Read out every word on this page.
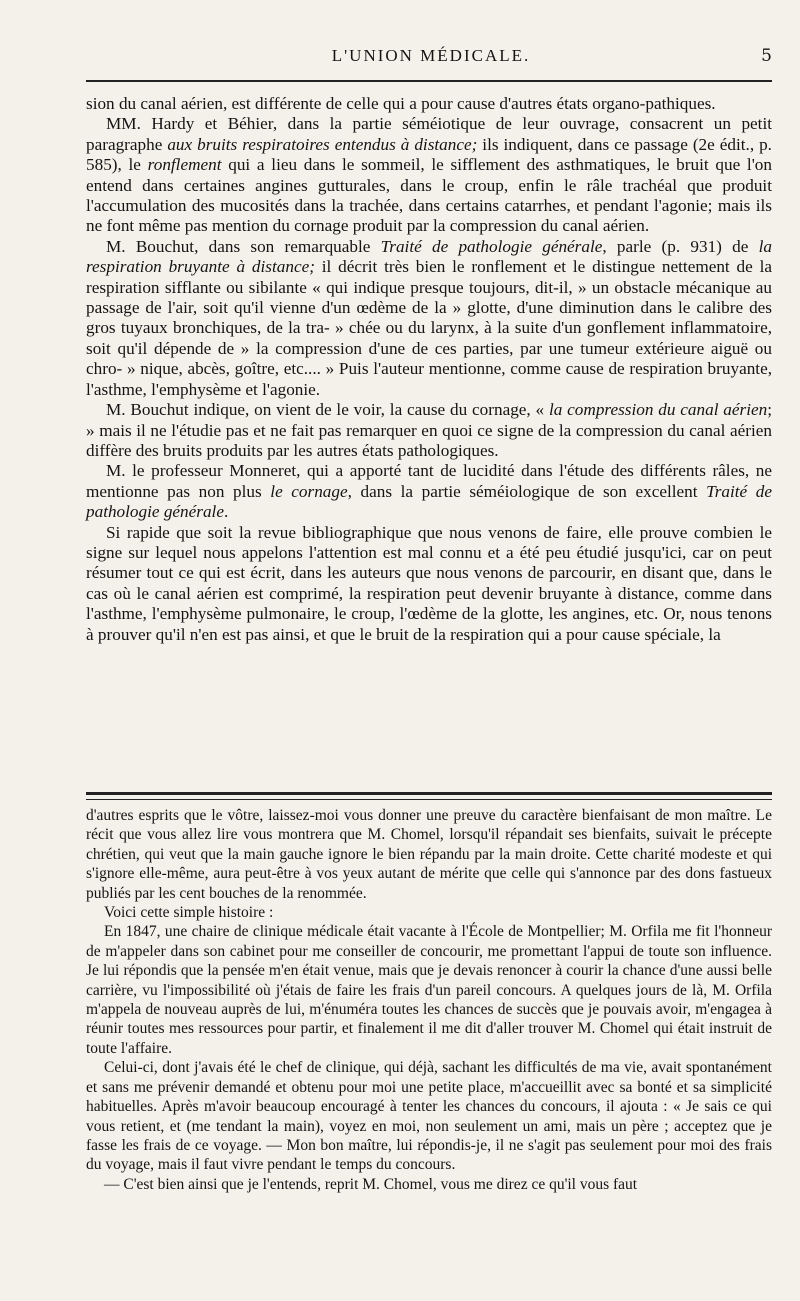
L'UNION MÉDICALE.	5

sion du canal aérien, est différente de celle qui a pour cause d'autres états organo-pathiques.

MM. Hardy et Béhier, dans la partie séméiotique de leur ouvrage, consacrent un petit paragraphe aux bruits respiratoires entendus à distance; ils indiquent, dans ce passage (2e édit., p. 585), le ronflement qui a lieu dans le sommeil, le sifflement des asthmatiques, le bruit que l'on entend dans certaines angines gutturales, dans le croup, enfin le râle trachéal que produit l'accumulation des mucosités dans la trachée, dans certains catarrhes, et pendant l'agonie; mais ils ne font même pas mention du cornage produit par la compression du canal aérien.

M. Bouchut, dans son remarquable Traité de pathologie générale, parle (p. 931) de la respiration bruyante à distance; il décrit très bien le ronflement et le distingue nettement de la respiration sifflante ou sibilante « qui indique presque toujours, dit-il, » un obstacle mécanique au passage de l'air, soit qu'il vienne d'un œdème de la » glotte, d'une diminution dans le calibre des gros tuyaux bronchiques, de la tra- » chée ou du larynx, à la suite d'un gonflement inflammatoire, soit qu'il dépende de » la compression d'une de ces parties, par une tumeur extérieure aiguë ou chro- » nique, abcès, goître, etc.... » Puis l'auteur mentionne, comme cause de respiration bruyante, l'asthme, l'emphysème et l'agonie.

M. Bouchut indique, on vient de le voir, la cause du cornage, « la compression du canal aérien; » mais il ne l'étudie pas et ne fait pas remarquer en quoi ce signe de la compression du canal aérien diffère des bruits produits par les autres états pathologiques.

M. le professeur Monneret, qui a apporté tant de lucidité dans l'étude des différents râles, ne mentionne pas non plus le cornage, dans la partie séméiologique de son excellent Traité de pathologie générale.

Si rapide que soit la revue bibliographique que nous venons de faire, elle prouve combien le signe sur lequel nous appelons l'attention est mal connu et a été peu étudié jusqu'ici, car on peut résumer tout ce qui est écrit, dans les auteurs que nous venons de parcourir, en disant que, dans le cas où le canal aérien est comprimé, la respiration peut devenir bruyante à distance, comme dans l'asthme, l'emphysème pulmonaire, le croup, l'œdème de la glotte, les angines, etc. Or, nous tenons à prouver qu'il n'en est pas ainsi, et que le bruit de la respiration qui a pour cause spéciale, la

d'autres esprits que le vôtre, laissez-moi vous donner une preuve du caractère bienfaisant de mon maître. Le récit que vous allez lire vous montrera que M. Chomel, lorsqu'il répandait ses bienfaits, suivait le précepte chrétien, qui veut que la main gauche ignore le bien répandu par la main droite. Cette charité modeste et qui s'ignore elle-même, aura peut-être à vos yeux autant de mérite que celle qui s'annonce par des dons fastueux publiés par les cent bouches de la renommée.

Voici cette simple histoire :

En 1847, une chaire de clinique médicale était vacante à l'École de Montpellier; M. Orfila me fit l'honneur de m'appeler dans son cabinet pour me conseiller de concourir, me promettant l'appui de toute son influence. Je lui répondis que la pensée m'en était venue, mais que je devais renoncer à courir la chance d'une aussi belle carrière, vu l'impossibilité où j'étais de faire les frais d'un pareil concours. A quelques jours de là, M. Orfila m'appela de nouveau auprès de lui, m'énuméra toutes les chances de succès que je pouvais avoir, m'engagea à réunir toutes mes ressources pour partir, et finalement il me dit d'aller trouver M. Chomel qui était instruit de toute l'affaire.

Celui-ci, dont j'avais été le chef de clinique, qui déjà, sachant les difficultés de ma vie, avait spontanément et sans me prévenir demandé et obtenu pour moi une petite place, m'accueillit avec sa bonté et sa simplicité habituelles. Après m'avoir beaucoup encouragé à tenter les chances du concours, il ajouta : « Je sais ce qui vous retient, et (me tendant la main), voyez en moi, non seulement un ami, mais un père ; acceptez que je fasse les frais de ce voyage. — Mon bon maître, lui répondis-je, il ne s'agit pas seulement pour moi des frais du voyage, mais il faut vivre pendant le temps du concours.

— C'est bien ainsi que je l'entends, reprit M. Chomel, vous me direz ce qu'il vous faut
